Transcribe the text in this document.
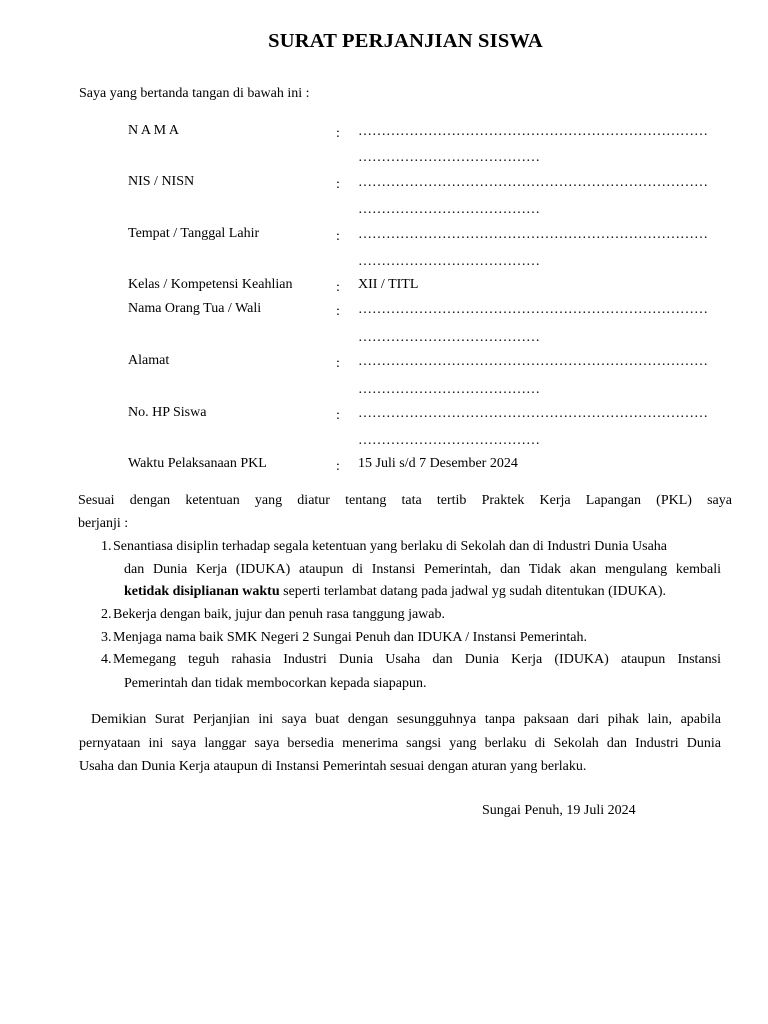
SURAT PERJANJIAN SISWA
Saya yang bertanda tangan di bawah ini :
N A M A	: …………………………………………………………………
…………………………………
NIS / NISN	: …………………………………………………………………
…………………………………
Tempat / Tanggal Lahir	: …………………………………………………………………
…………………………………
Kelas / Kompetensi Keahlian	: XII / TITL
Nama Orang Tua / Wali	: …………………………………………………………………
…………………………………
Alamat	: …………………………………………………………………
…………………………………
No. HP Siswa	: …………………………………………………………………
…………………………………
Waktu Pelaksanaan PKL	: 15 Juli s/d 7 Desember 2024
Sesuai dengan ketentuan yang diatur tentang tata tertib Praktek Kerja Lapangan (PKL) saya
berjanji :
1. Senantiasa disiplin terhadap segala ketentuan yang berlaku di Sekolah dan di Industri Dunia Usaha
dan Dunia Kerja (IDUKA) ataupun di Instansi Pemerintah, dan Tidak akan mengulang kembali
ketidak disiplianan waktu seperti terlambat datang pada jadwal yg sudah ditentukan (IDUKA).
2. Bekerja dengan baik, jujur dan penuh rasa tanggung jawab.
3. Menjaga nama baik SMK Negeri 2 Sungai Penuh dan IDUKA / Instansi Pemerintah.
4. Memegang teguh rahasia Industri Dunia Usaha dan Dunia Kerja (IDUKA) ataupun Instansi
Pemerintah dan tidak membocorkan kepada siapapun.
Demikian Surat Perjanjian ini saya buat dengan sesungguhnya tanpa paksaan dari pihak lain, apabila
pernyataan ini saya langgar saya bersedia menerima sangsi yang berlaku di Sekolah dan Industri Dunia
Usaha dan Dunia Kerja ataupun di Instansi Pemerintah sesuai dengan aturan yang berlaku.
Sungai Penuh, 19 Juli 2024
